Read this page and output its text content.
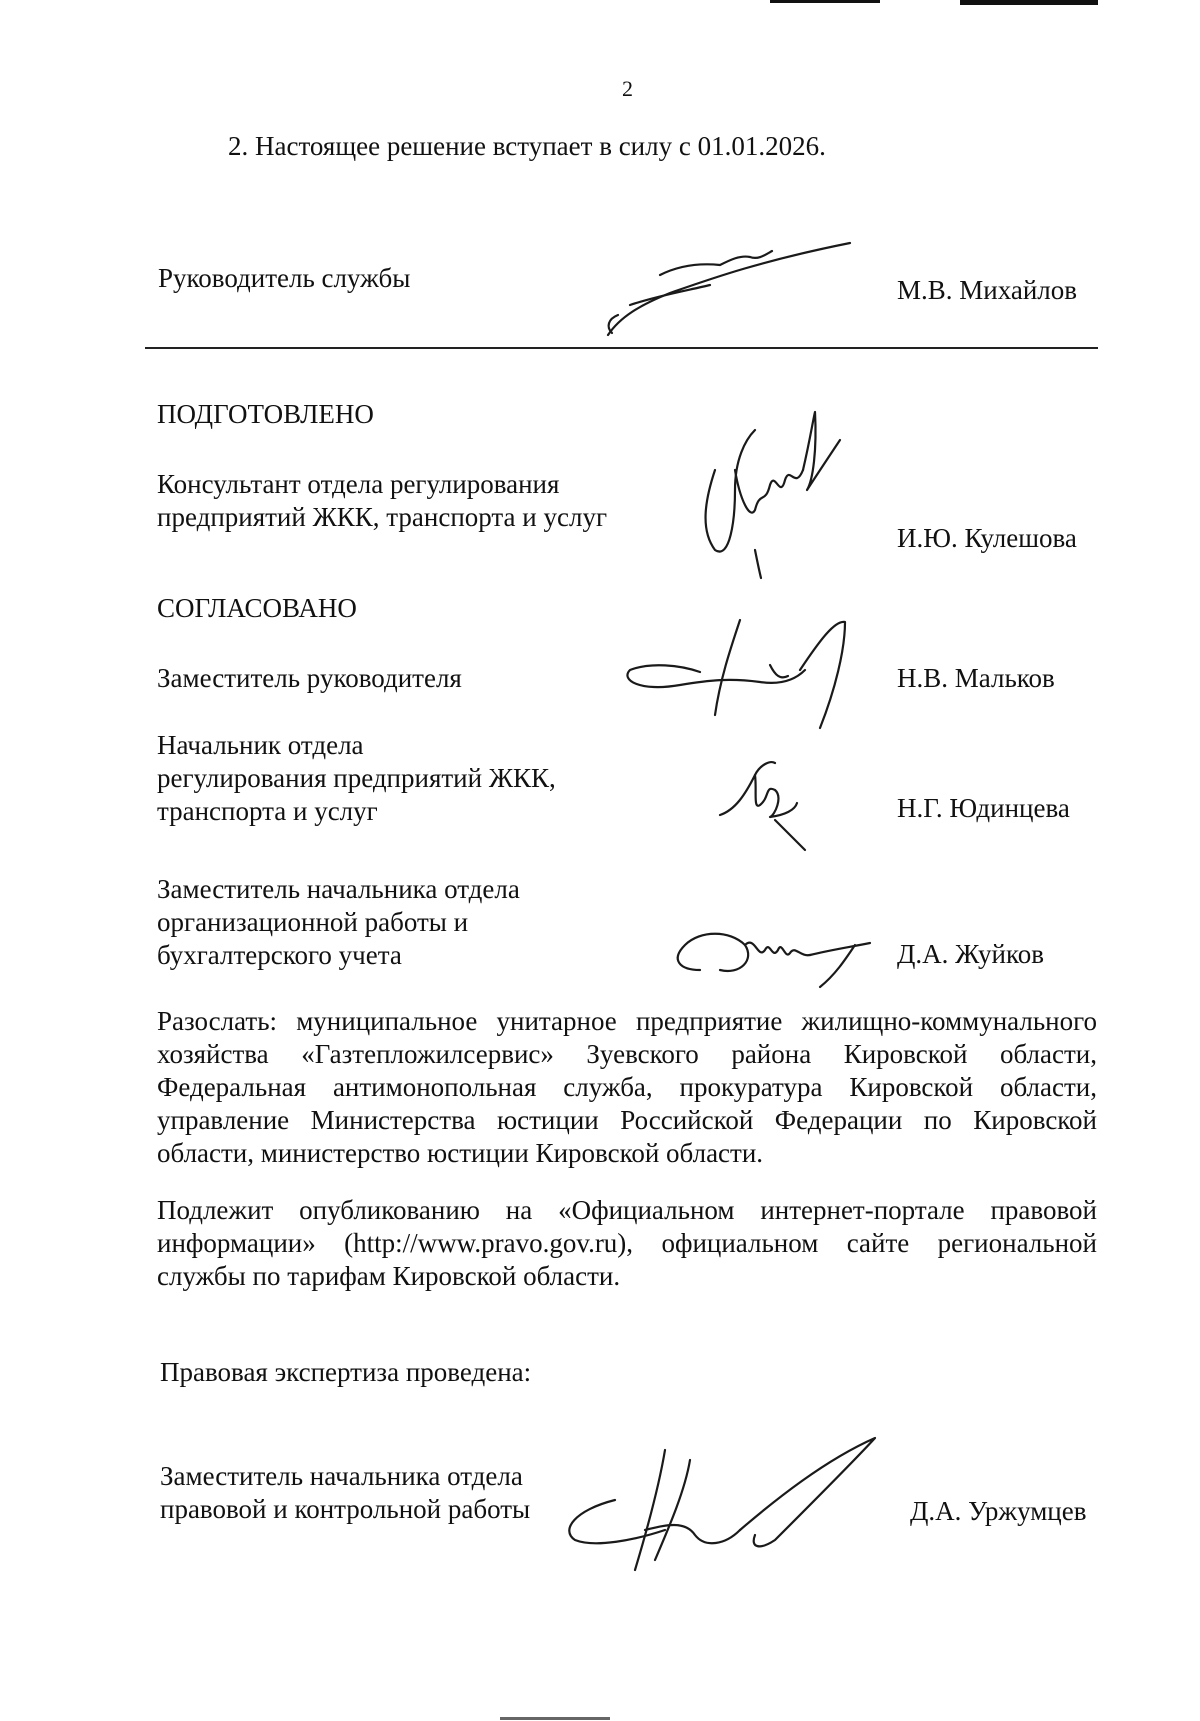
2
2. Настоящее решение вступает в силу с 01.01.2026.
Руководитель службы	М.В. Михайлов
ПОДГОТОВЛЕНО
Консультант отдела регулирования
предприятий ЖКК, транспорта и услуг
И.Ю. Кулешова
СОГЛАСОВАНО
Заместитель руководителя	Н.В. Мальков
Начальник отдела
регулирования предприятий ЖКК,
транспорта и услуг	Н.Г. Юдинцева
Заместитель начальника отдела
организационной работы и
бухгалтерского учета	Д.А. Жуйков
Разослать: муниципальное унитарное предприятие жилищно-коммунального хозяйства «Газтепложилсервис» Зуевского района Кировской области, Федеральная антимонопольная служба, прокуратура Кировской области, управление Министерства юстиции Российской Федерации по Кировской области, министерство юстиции Кировской области.
Подлежит опубликованию на «Официальном интернет-портале правовой информации» (http://www.pravo.gov.ru), официальном сайте региональной службы по тарифам Кировской области.
Правовая экспертиза проведена:
Заместитель начальника отдела
правовой и контрольной работы	Д.А. Уржумцев
